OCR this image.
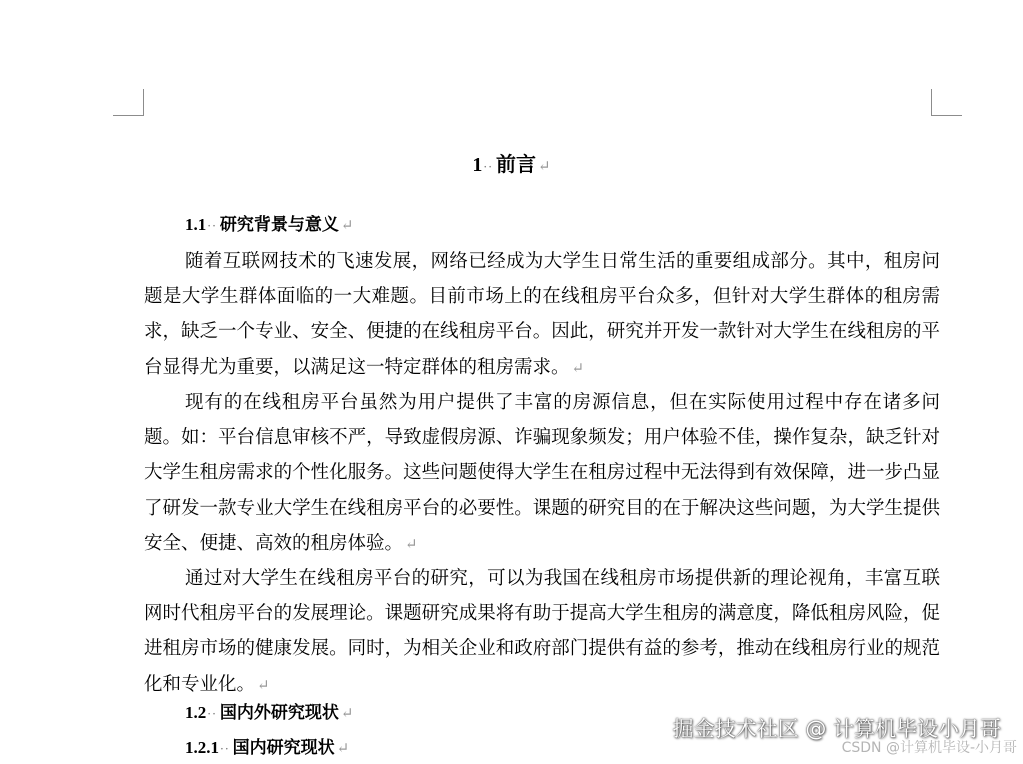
1·· 前言 ↵
1.1·· 研究背景与意义 ↵

随着互联网技术的飞速发展，网络已经成为大学生日常生活的重要组成部分。其中，租房问题是大学生群体面临的一大难题。目前市场上的在线租房平台众多，但针对大学生群体的租房需求，缺乏一个专业、安全、便捷的在线租房平台。因此，研究并开发一款针对大学生在线租房的平台显得尤为重要，以满足这一特定群体的租房需求。 ↵

现有的在线租房平台虽然为用户提供了丰富的房源信息，但在实际使用过程中存在诸多问题。如：平台信息审核不严，导致虚假房源、诈骗现象频发；用户体验不佳，操作复杂，缺乏针对大学生租房需求的个性化服务。这些问题使得大学生在租房过程中无法得到有效保障，进一步凸显了研发一款专业大学生在线租房平台的必要性。课题的研究目的在于解决这些问题，为大学生提供安全、便捷、高效的租房体验。 ↵

通过对大学生在线租房平台的研究，可以为我国在线租房市场提供新的理论视角，丰富互联网时代租房平台的发展理论。课题研究成果将有助于提高大学生租房的满意度，降低租房风险，促进租房市场的健康发展。同时，为相关企业和政府部门提供有益的参考，推动在线租房行业的规范化和专业化。 ↵

1.2·· 国内外研究现状 ↵
1.2.1·· 国内研究现状 ↵
掘金技术社区 @ 计算机毕设小月哥
CSDN @计算机毕设-小月哥
